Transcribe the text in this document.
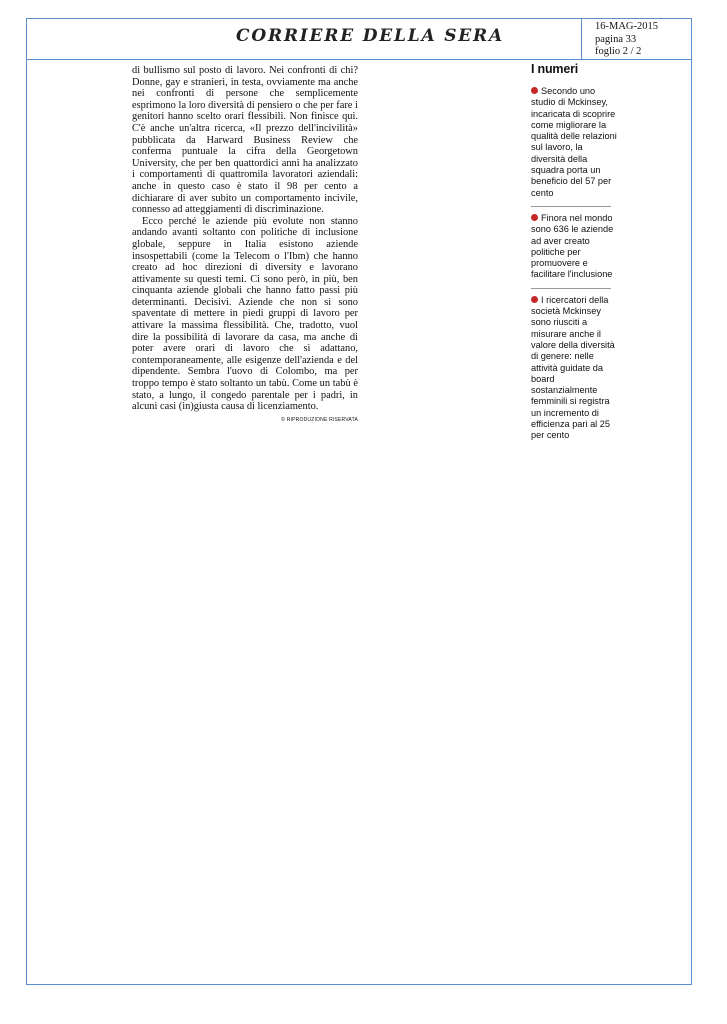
CORRIERE DELLA SERA	16-MAG-2015
pagina 33
foglio 2 / 2

di bullismo sul posto di lavoro. Nei confronti di chi? Donne, gay e stranieri, in testa, ovviamente ma anche nei confronti di persone che semplicemente esprimono la loro diversità di pensiero o che per fare i genitori hanno scelto orari flessibili. Non finisce qui. C'è anche un'altra ricerca, «Il prezzo dell'incivilità» pubblicata da Harward Business Review che conferma puntuale la cifra della Georgetown University, che per ben quattordici anni ha analizzato i comportamenti di quattromila lavoratori aziendali: anche in questo caso è stato il 98 per cento a dichiarare di aver subito un comportamento incivile, connesso ad atteggiamenti di discriminazione.

Ecco perché le aziende più evolute non stanno andando avanti soltanto con politiche di inclusione globale, seppure in Italia esistono aziende insospettabili (come la Telecom o l'Ibm) che hanno creato ad hoc direzioni di diversity e lavorano attivamente su questi temi. Ci sono però, in più, ben cinquanta aziende globali che hanno fatto passi più determinanti. Decisivi. Aziende che non si sono spaventate di mettere in piedi gruppi di lavoro per attivare la massima flessibilità. Che, tradotto, vuol dire la possibilità di lavorare da casa, ma anche di poter avere orari di lavoro che si adattano, contemporaneamente, alle esigenze dell'azienda e del dipendente. Sembra l'uovo di Colombo, ma per troppo tempo è stato soltanto un tabù. Come un tabù è stato, a lungo, il congedo parentale per i padri, in alcuni casi (in)giusta causa di licenziamento.

© RIPRODUZIONE RISERVATA
I numeri
Secondo uno studio di Mckinsey, incaricata di scoprire come migliorare la qualità delle relazioni sul lavoro, la diversità della squadra porta un beneficio del 57 per cento
Finora nel mondo sono 636 le aziende ad aver creato politiche per promuovere e facilitare l'inclusione
I ricercatori della società Mckinsey sono riusciti a misurare anche il valore della diversità di genere: nelle attività guidate da board sostanzialmente femminili si registra un incremento di efficienza pari al 25 per cento
